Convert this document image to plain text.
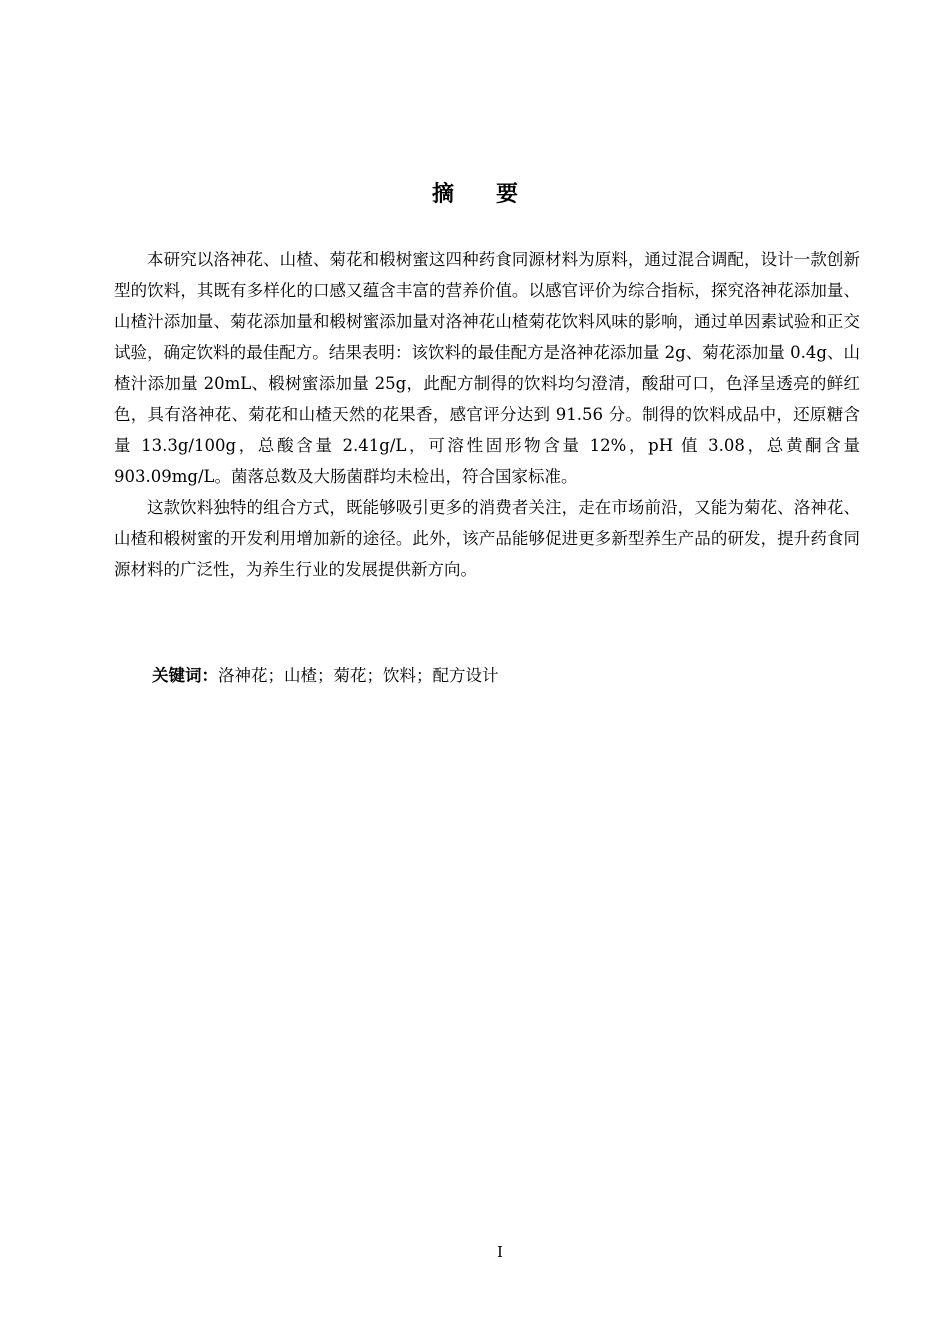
摘 要

本研究以洛神花、山楂、菊花和椴树蜜这四种药食同源材料为原料，通过混合调配，设计一款创新型的饮料，其既有多样化的口感又蕴含丰富的营养价值。以感官评价为综合指标，探究洛神花添加量、山楂汁添加量、菊花添加量和椴树蜜添加量对洛神花山楂菊花饮料风味的影响，通过单因素试验和正交试验，确定饮料的最佳配方。结果表明：该饮料的最佳配方是洛神花添加量 2g、菊花添加量 0.4g、山楂汁添加量 20mL、椴树蜜添加量 25g，此配方制得的饮料均匀澄清，酸甜可口，色泽呈透亮的鲜红色，具有洛神花、菊花和山楂天然的花果香，感官评分达到 91.56 分。制得的饮料成品中，还原糖含量 13.3g/100g，总酸含量 2.41g/L，可溶性固形物含量 12%，pH 值 3.08，总黄酮含量 903.09mg/L。菌落总数及大肠菌群均未检出，符合国家标准。

这款饮料独特的组合方式，既能够吸引更多的消费者关注，走在市场前沿，又能为菊花、洛神花、山楂和椴树蜜的开发利用增加新的途径。此外，该产品能够促进更多新型养生产品的研发，提升药食同源材料的广泛性，为养生行业的发展提供新方向。

关键词：洛神花；山楂；菊花；饮料；配方设计
I
